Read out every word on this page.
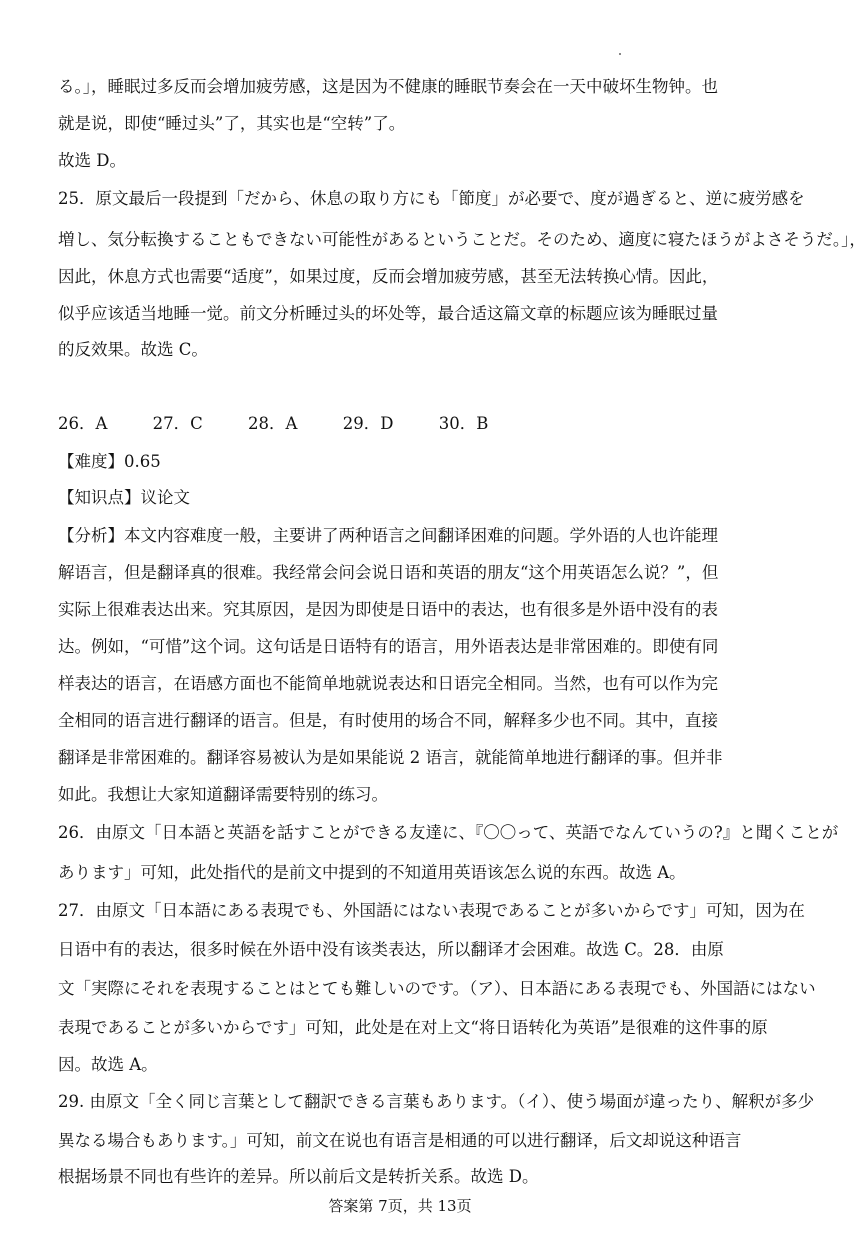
る。」，睡眠过多反而会增加疲劳感，这是因为不健康的睡眠节奏会在一天中破坏生物钟。也
就是说，即使“睡过头”了，其实也是“空转”了。
故选 D。
25．原文最后一段提到「だから、休息の取り方にも「節度」が必要で、度が過ぎると、逆に疲労感を
増し、気分転換することもできない可能性があるということだ。そのため、適度に寝たほうがよさそうだ。」，
因此，休息方式也需要“适度”，如果过度，反而会增加疲劳感，甚至无法转换心情。因此，
似乎应该适当地睡一觉。前文分析睡过头的坏处等，最合适这篇文章的标题应该为睡眠过量
的反效果。故选 C。
26．A	27．C	28．A	29．D	30．B
【难度】0.65
【知识点】议论文
【分析】本文内容难度一般，主要讲了两种语言之间翻译困难的问题。学外语的人也许能理
解语言，但是翻译真的很难。我经常会问会说日语和英语的朋友“这个用英语怎么说？”，但
实际上很难表达出来。究其原因，是因为即使是日语中的表达，也有很多是外语中没有的表
达。例如，“可惜”这个词。这句话是日语特有的语言，用外语表达是非常困难的。即使有同
样表达的语言，在语感方面也不能简单地就说表达和日语完全相同。当然，也有可以作为完
全相同的语言进行翻译的语言。但是，有时使用的场合不同，解释多少也不同。其中，直接
翻译是非常困难的。翻译容易被认为是如果能说 2 语言，就能简单地进行翻译的事。但并非
如此。我想让大家知道翻译需要特别的练习。
26．由原文「日本語と英語を話すことができる友達に、『〇〇って、英語でなんていうの?』と聞くことが
あります」可知，此处指代的是前文中提到的不知道用英语该怎么说的东西。故选 A。
27．由原文「日本語にある表現でも、外国語にはない表現であることが多いからです」可知，因为在
日语中有的表达，很多时候在外语中没有该类表达，所以翻译才会困难。故选 C。28．由原
文「実際にそれを表現することはとても難しいのです。（ア）、日本語にある表現でも、外国語にはない
表現であることが多いからです」可知，此处是在对上文“将日语转化为英语”是很难的这件事的原
因。故选 A。
29. 由原文「全く同じ言葉として翻訳できる言葉もあります。（イ）、使う場面が違ったり、解釈が多少
異なる場合もあります。」可知，前文在说也有语言是相通的可以进行翻译，后文却说这种语言
根据场景不同也有些许的差异。所以前后文是转折关系。故选 D。
答案第 7页，共 13页
